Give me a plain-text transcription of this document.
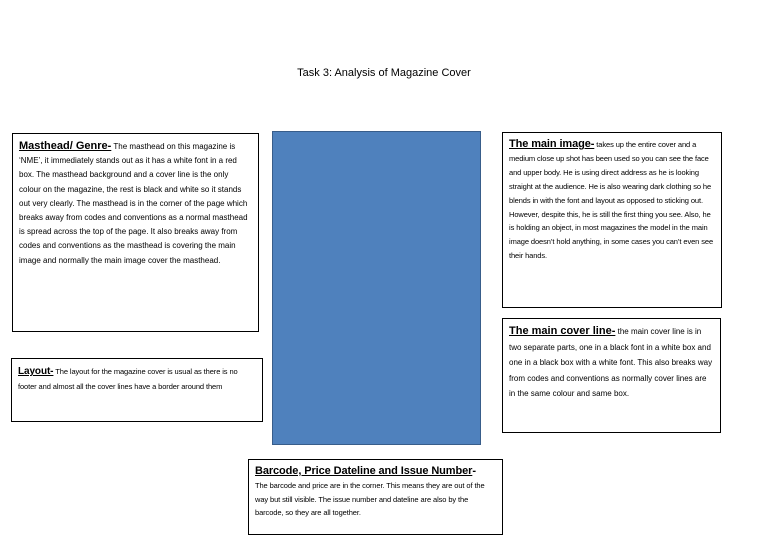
Task 3: Analysis of Magazine Cover
Masthead/ Genre- The masthead on this magazine is ‘NME’, it immediately stands out as it has a white font in a red box. The masthead background and a cover line is the only colour on the magazine, the rest is black and white so it stands out very clearly. The masthead is in the corner of the page which breaks away from codes and conventions as a normal masthead is spread across the top of the page. It also breaks away from codes and conventions as the masthead is covering the main image and normally the main image cover the masthead.
Layout- The layout for the magazine cover is usual as there is no footer and almost all the cover lines have a border around them
The main image- takes up the entire cover and a medium close up shot has been used so you can see the face and upper body. He is using direct address as he is looking straight at the audience. He is also wearing dark clothing so he blends in with the font and layout as opposed to sticking out. However, despite this, he is still the first thing you see. Also, he is holding an object, in most magazines the model in the main image doesn’t hold anything, in some cases you can’t even see their hands.
The main cover line- the main cover line is in two separate parts, one in a black font in a white box and one in a black box with a white font. This also breaks way from codes and conventions as normally cover lines are in the same colour and same box.
Barcode, Price Dateline and Issue Number-
The barcode and price are in the corner. This means they are out of the way but still visible. The issue number and dateline are also by the barcode, so they are all together.
